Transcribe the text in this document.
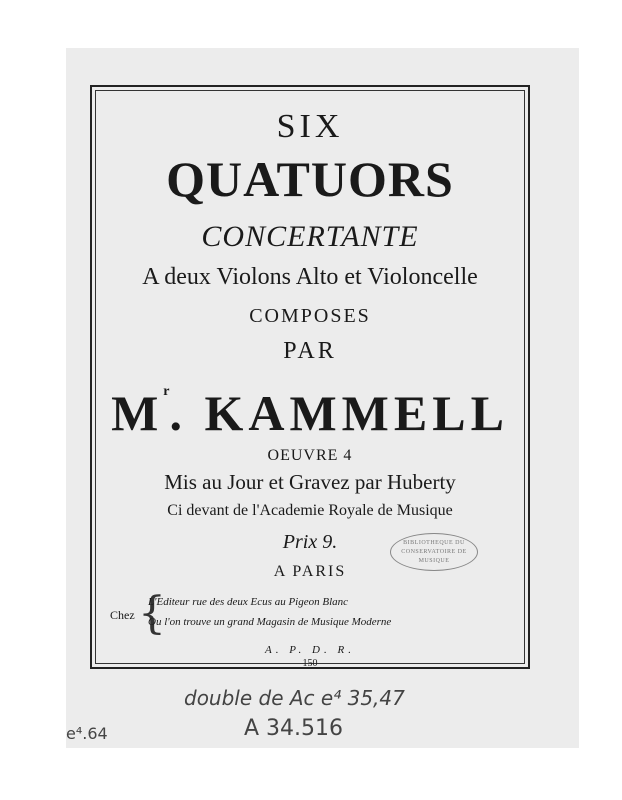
SIX
QUATUORS
CONCERTANTE
A deux Violons Alto et Violoncelle
COMPOSES
PAR
$M^r$. KAMMELL
OEUVRE 4
Mis au Jour et Gravez par Huberty
Ci devant de l'Academie Royale de Musique
Prix 9.
A PARIS
Chez {
L'Editeur rue des deux Ecus au Pigeon Blanc
Ou l'on trouve un grand Magasin de Musique Moderne
A. P. D. R.
150
BIBLIOTHEQUE DU CONSERVATOIRE DE MUSIQUE
double de Ac e⁴ 35,47
A 34.516
e⁴.64
